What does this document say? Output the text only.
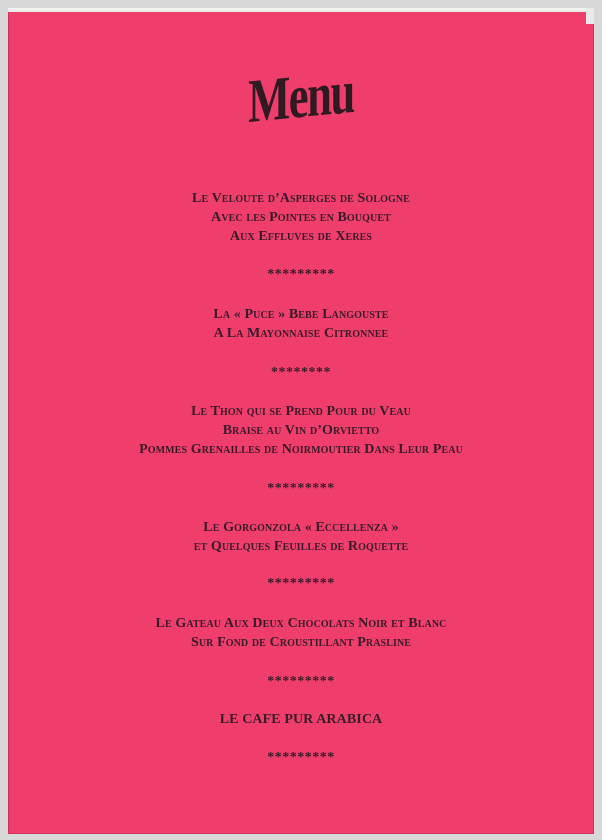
Menu
Le Veloute d’Asperges de Sologne
Avec les Pointes en Bouquet
Aux Effluves de Xeres
*********
La « Puce » Bebe Langouste
A La Mayonnaise Citronnee
********
Le Thon qui se Prend Pour du Veau
Braise au Vin d’Orvietto
Pommes Grenailles de Noirmoutier Dans Leur Peau
*********
Le Gorgonzola « Eccellenza »
et Quelques Feuilles de Roquette
*********
Le Gateau Aux Deux Chocolats Noir et Blanc
Sur Fond de Croustillant Prasline
*********
LE CAFE PUR ARABICA
*********
